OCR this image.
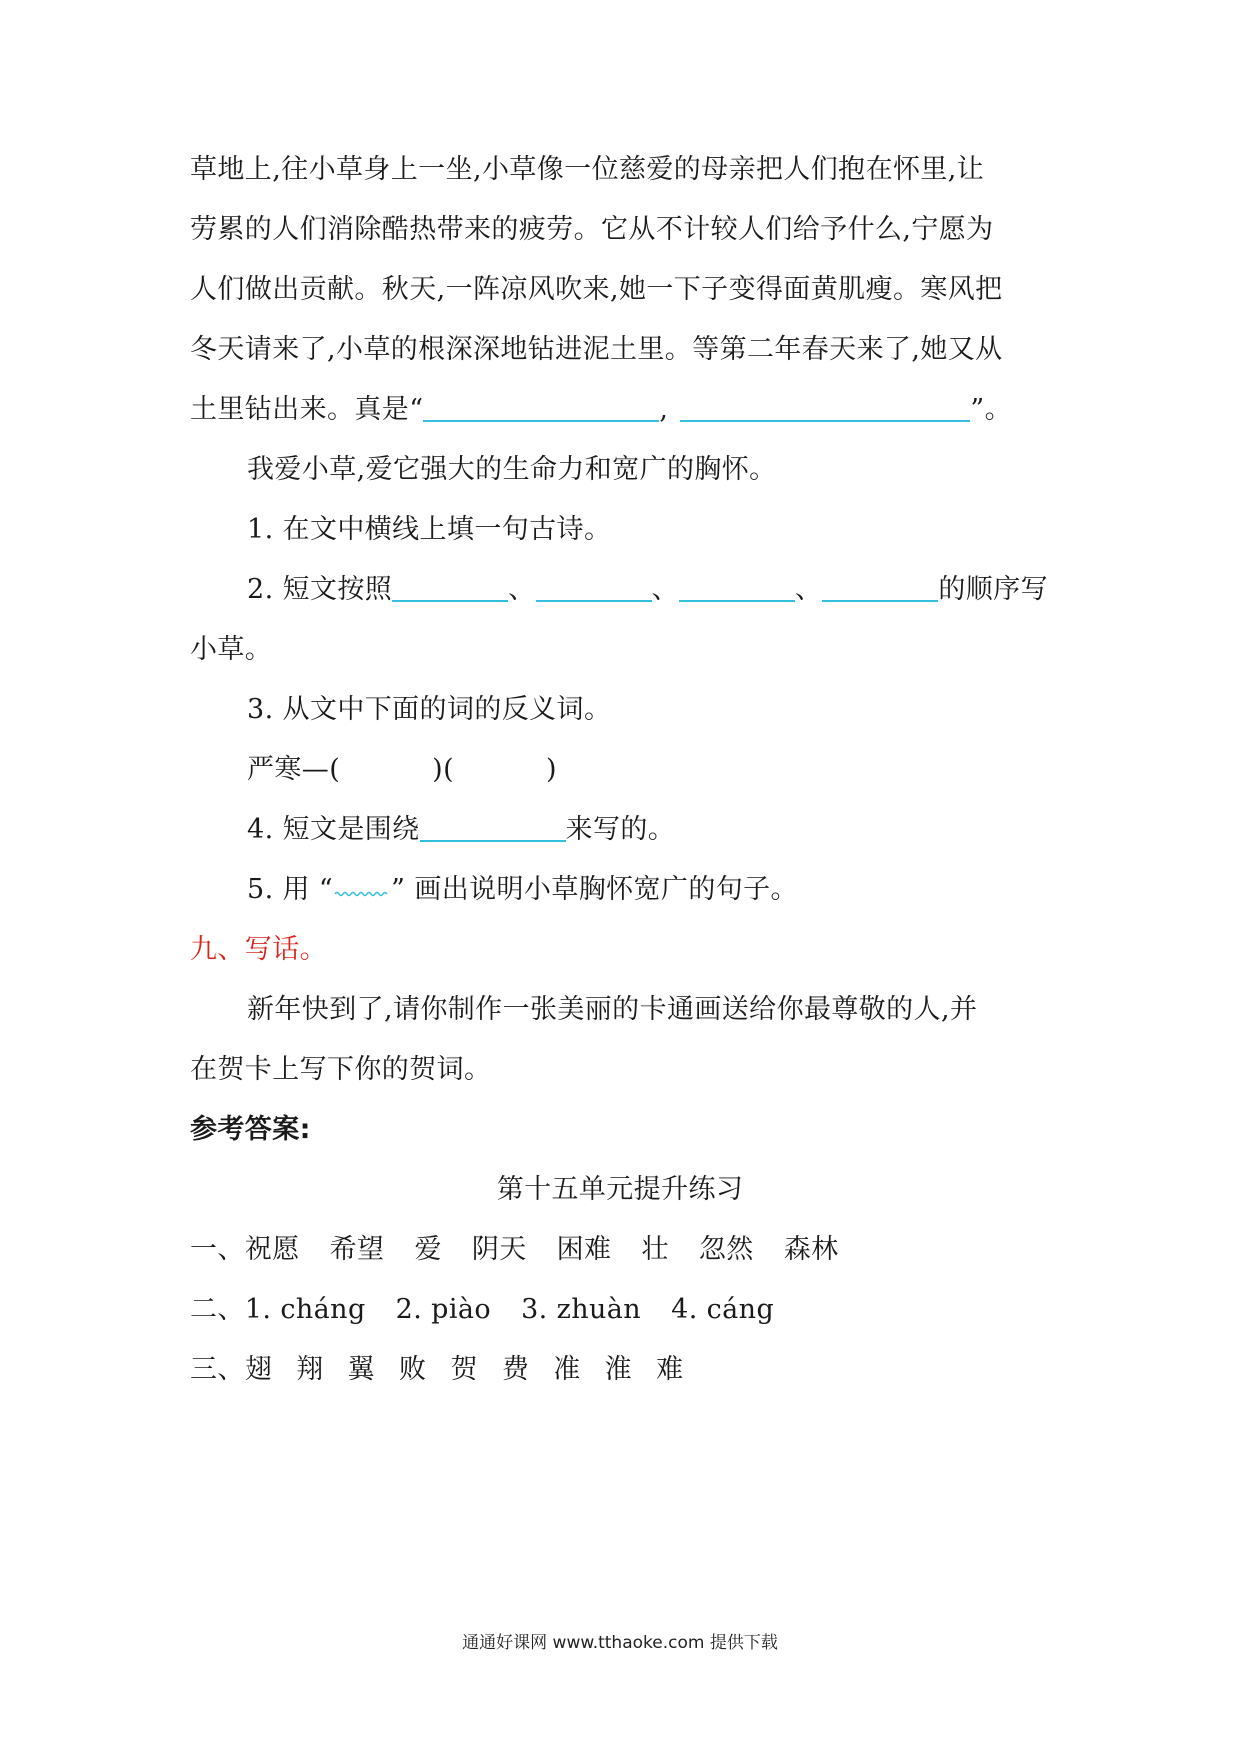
草地上,往小草身上一坐,小草像一位慈爱的母亲把人们抱在怀里,让
劳累的人们消除酷热带来的疲劳。它从不计较人们给予什么,宁愿为
人们做出贡献。秋天,一阵凉风吹来,她一下子变得面黄肌瘦。寒风把
冬天请来了,小草的根深深地钻进泥土里。等第二年春天来了,她又从
土里钻出来。真是“	,	”。
我爱小草,爱它强大的生命力和宽广的胸怀。
1. 在文中横线上填一句古诗。
2. 短文按照	、	、	、	的顺序写
小草。
3. 从文中下面的词的反义词。
严寒—(	)(	)
4. 短文是围绕	来写的。
5. 用 “ ” 画出说明小草胸怀宽广的句子。
九、写话。
新年快到了,请你制作一张美丽的卡通画送给你最尊敬的人,并
在贺卡上写下你的贺词。
参考答案:
第十五单元提升练习
一、祝愿 希望 爱 阴天 困难 壮 忽然 森林
二、1. cháng 2. piào 3. zhuàn 4. cáng
三、翅 翔 翼 败 贺 费 准 淮 难
通通好课网 www.tthaoke.com 提供下载
